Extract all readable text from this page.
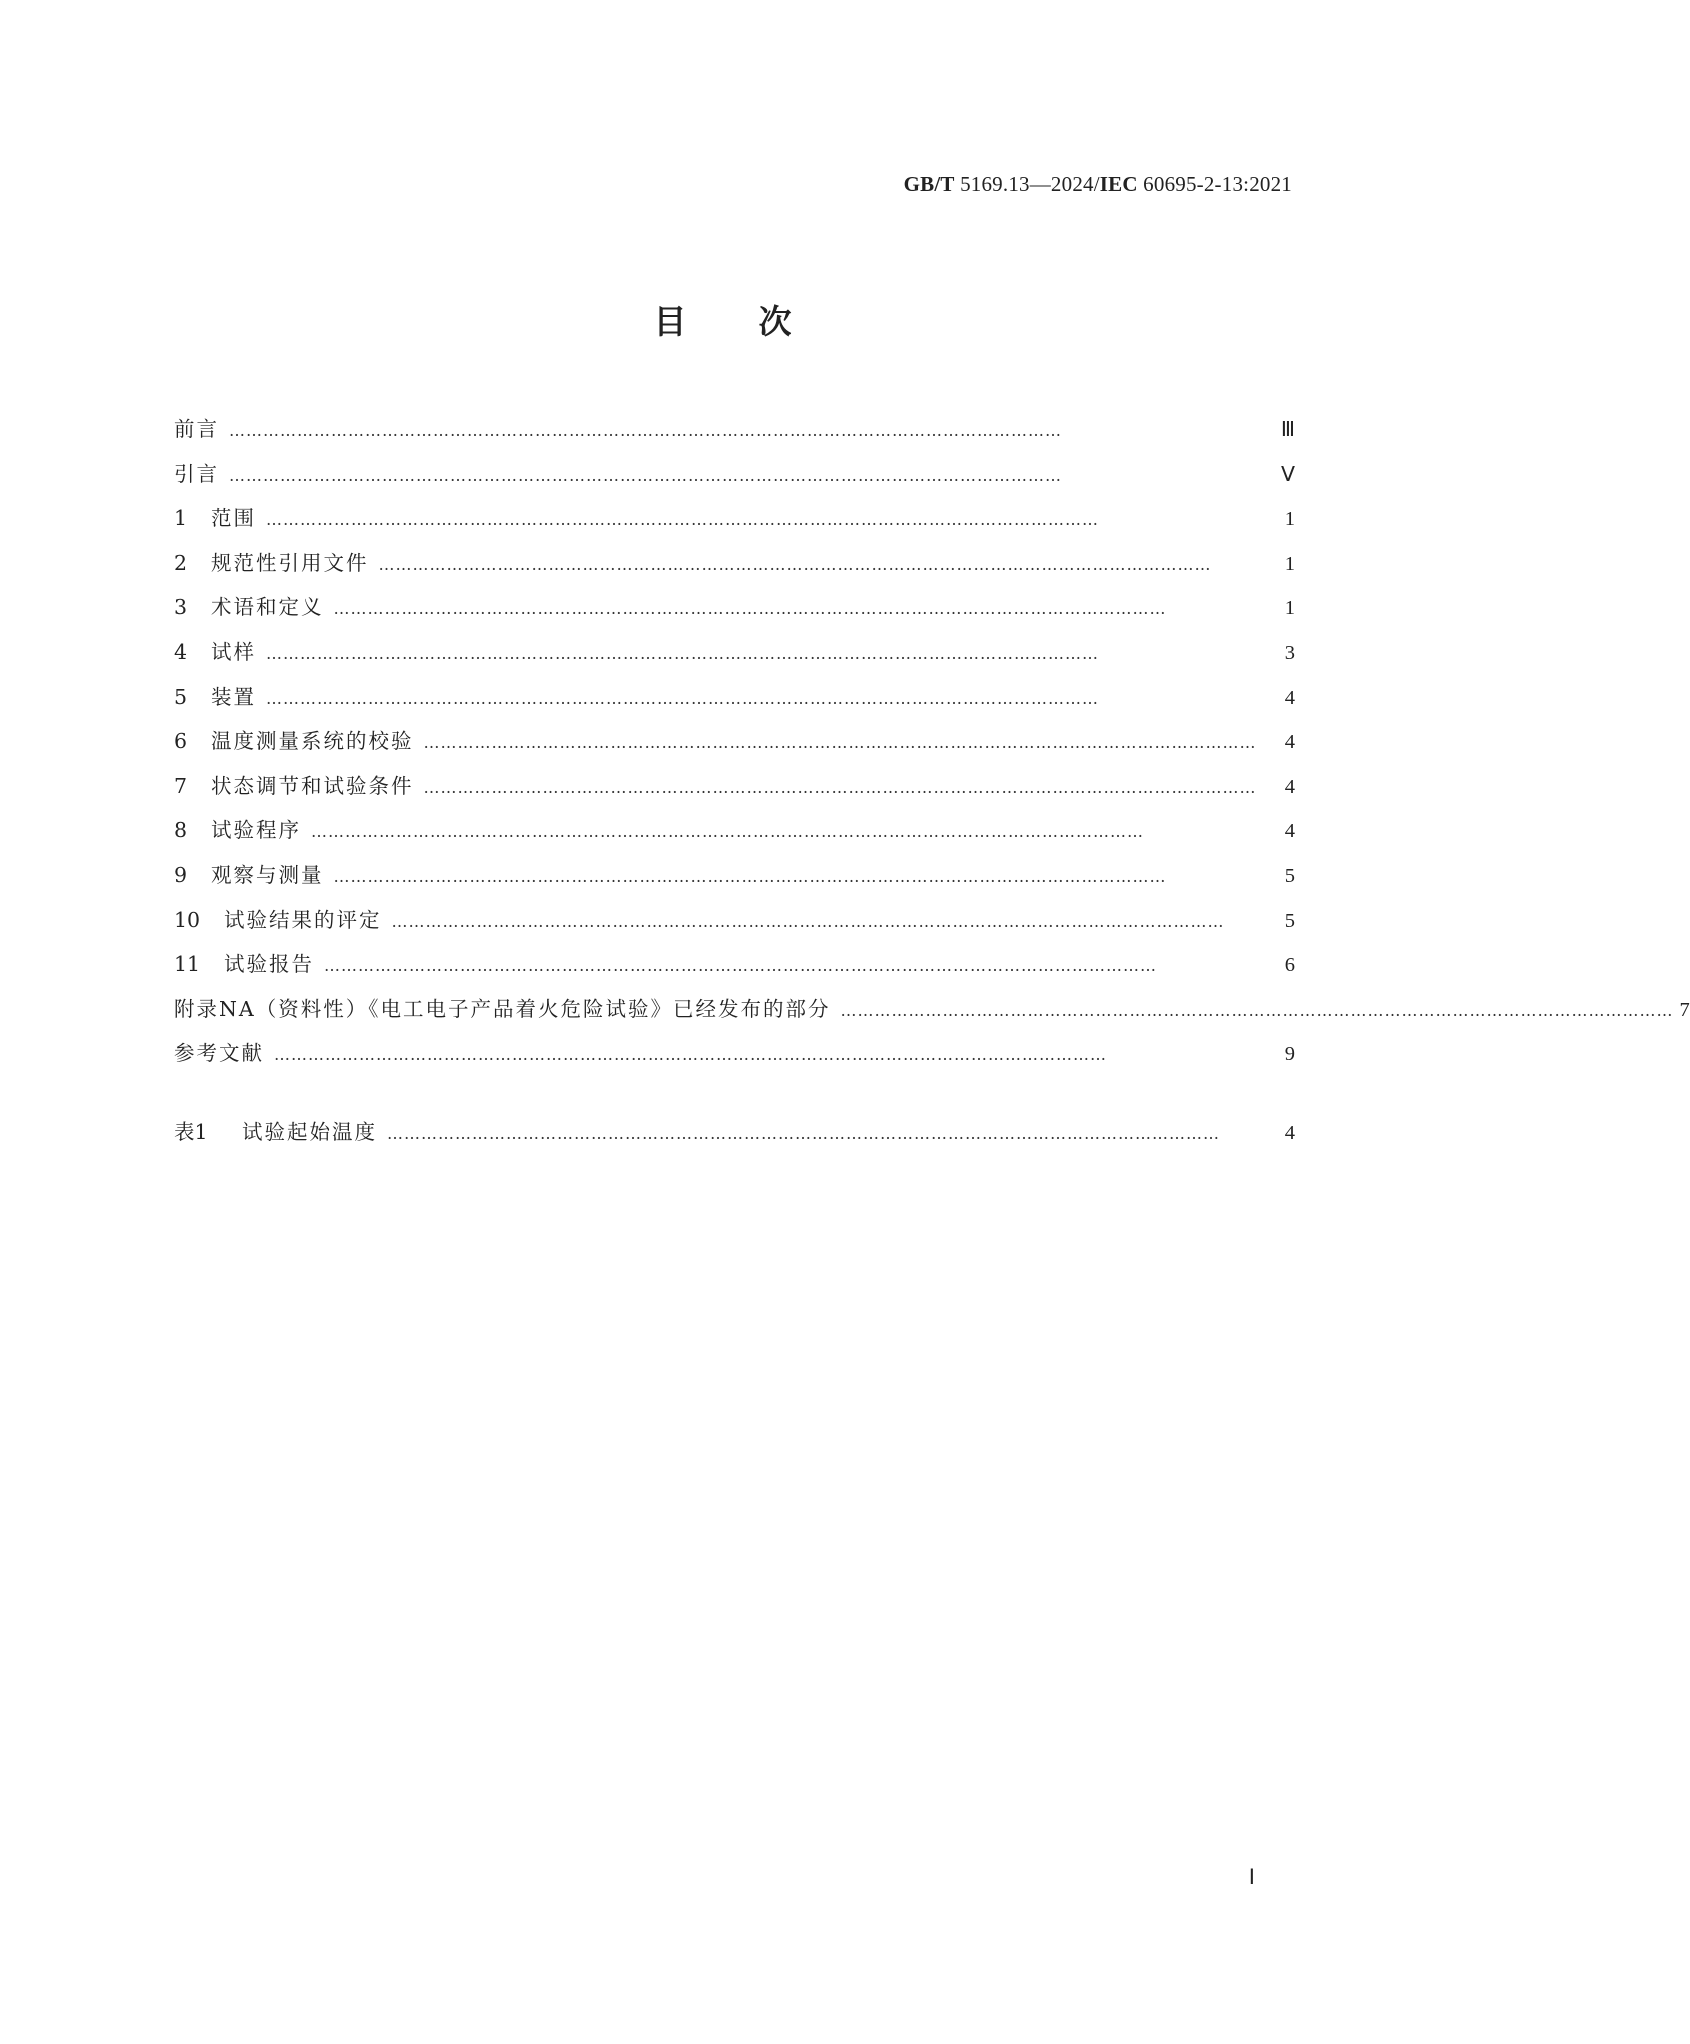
GB/T 5169.13—2024/IEC 60695-2-13:2021
目次
前言 …………………………………………………………………………………………………………………………………	Ⅲ
引言 …………………………………………………………………………………………………………………………………	Ⅴ
1	范围 …………………………………………………………………………………………………………………………………	1
2	规范性引用文件 …………………………………………………………………………………………………………………………………	1
3	术语和定义 …………………………………………………………………………………………………………………………………	1
4	试样 …………………………………………………………………………………………………………………………………	3
5	装置 …………………………………………………………………………………………………………………………………	4
6	温度测量系统的校验 …………………………………………………………………………………………………………………………………	4
7	状态调节和试验条件 …………………………………………………………………………………………………………………………………	4
8	试验程序 …………………………………………………………………………………………………………………………………	4
9	观察与测量 …………………………………………………………………………………………………………………………………	5
10	试验结果的评定 …………………………………………………………………………………………………………………………………	5
11	试验报告 …………………………………………………………………………………………………………………………………	6
附录NA（资料性）《电工电子产品着火危险试验》已经发布的部分 ………………………………………………………………………………………………………………………………… 7
参考文献 …………………………………………………………………………………………………………………………………	9
表1	试验起始温度 …………………………………………………………………………………………………………………………………	4
Ⅰ
